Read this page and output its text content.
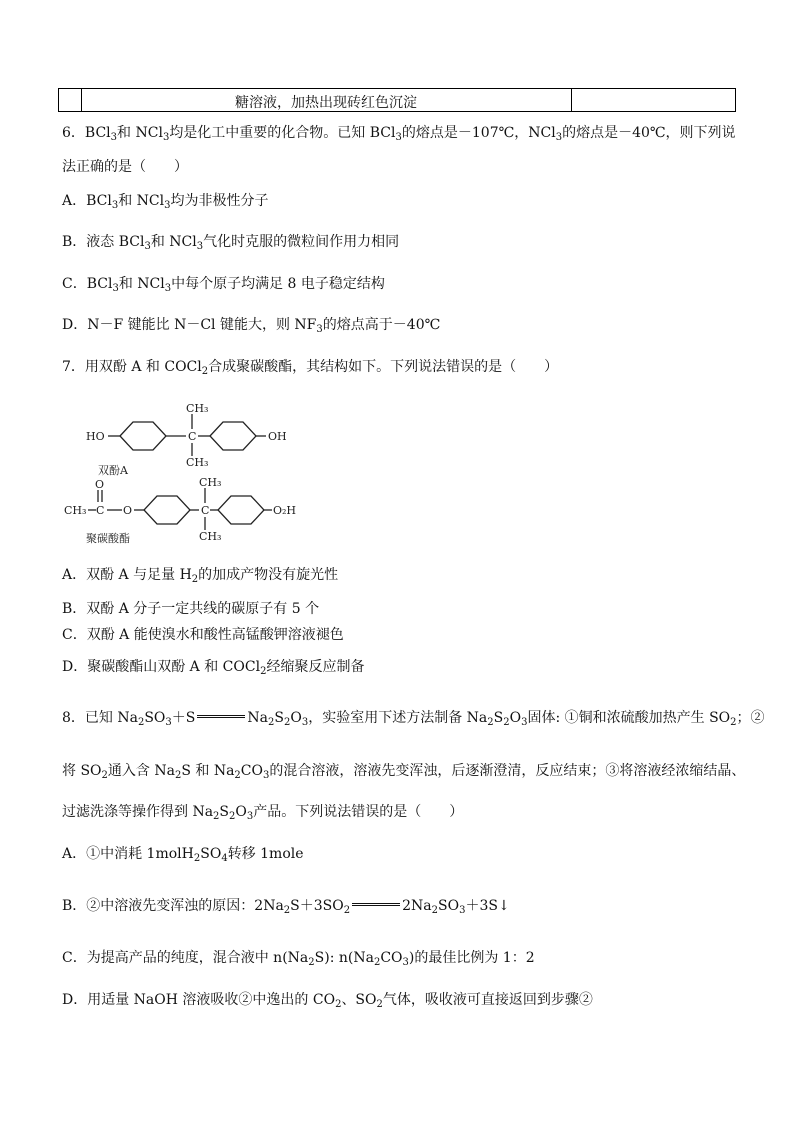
糖溶液，加热出现砖红色沉淀
6．BCl$_3$和 NCl$_3$均是化工中重要的化合物。已知 BCl$_3$的熔点是－107℃，NCl$_3$的熔点是－40℃，则下列说
法正确的是（　　）
A．BCl$_3$和 NCl$_3$均为非极性分子
B．液态 BCl$_3$和 NCl$_3$气化时克服的微粒间作用力相同
C．BCl$_3$和 NCl$_3$中每个原子均满足 8 电子稳定结构
D．N－F 键能比 N－Cl 键能大，则 $NF_3$的熔点高于－40℃
7．用双酚 A 和 COCl$_2$合成聚碳酸酯，其结构如下。下列说法错误的是（　　）
HO	OH
CH₃
C
CH₃
双酚A
CH₃ C
O
O
CH₃
C
CH₃
O₂H
聚碳酸酯
A．双酚 A 与足量 $H_2$的加成产物没有旋光性
B．双酚 A 分子一定共线的碳原子有 5 个
C．双酚 A 能使溴水和酸性高锰酸钾溶液褪色
D．聚碳酸酯山双酚 A 和 COCl$_2$经缩聚反应制备
8．已知 $Na_2SO_3+S$	$Na_2S_2O_3$，实验室用下述方法制备 $Na_2S_2O_3$固体: ①铜和浓硫酸加热产生 $SO_2$；②
将 $SO_2$通入含 $Na_2S$ 和 $Na_2CO_3$的混合溶液，溶液先变浑浊，后逐渐澄清，反应结束；③将溶液经浓缩结晶、
过滤洗涤等操作得到 $Na_2S_2O_3$产品。下列说法错误的是（　　）
A．①中消耗 $1molH_2SO_4$转移 1mole
B．②中溶液先变浑浊的原因：$2Na_2S+3SO_2$	$2Na_2SO_3+3S↓$
C．为提高产品的纯度，混合液中 $n(Na_2S)$: $n(Na_2CO_3)$的最佳比例为 1：2
D．用适量 NaOH 溶液吸收②中逸出的 $CO_2$、$SO_2$气体，吸收液可直接返回到步骤②
